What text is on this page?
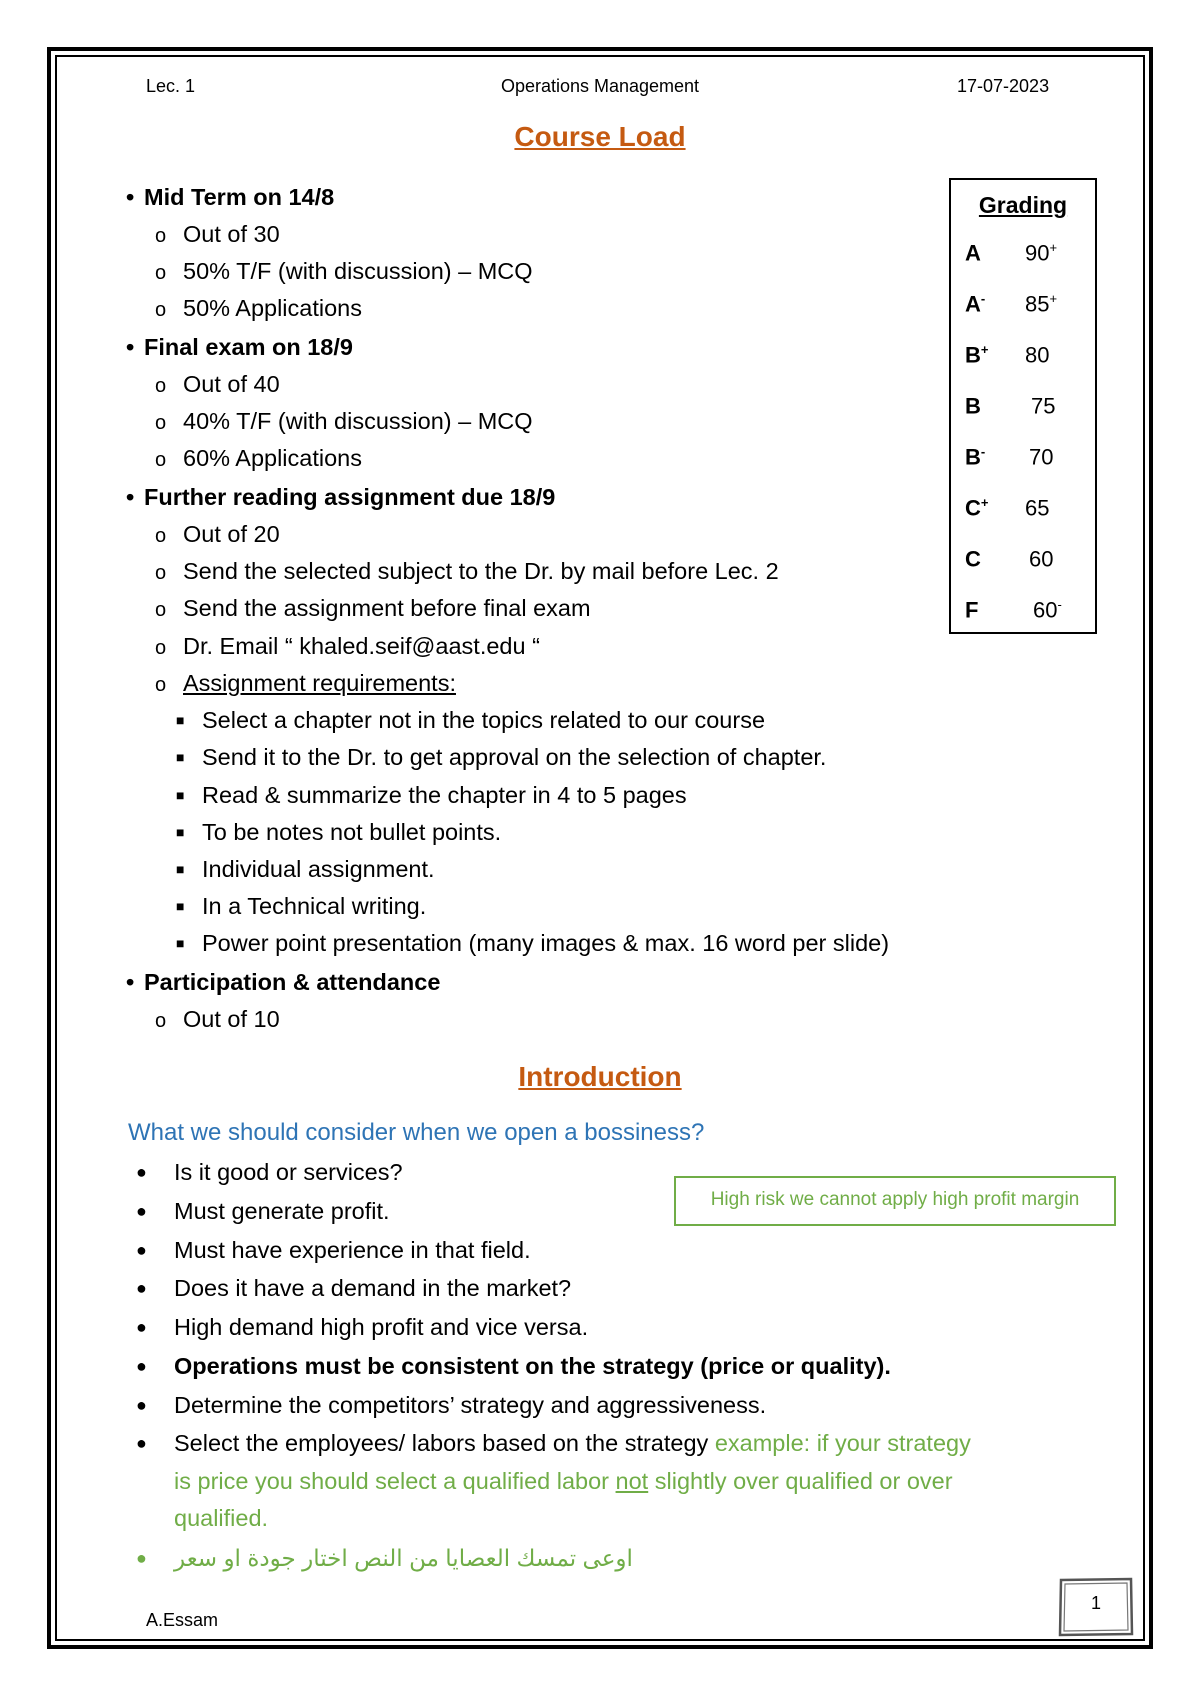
Lec. 1	Operations Management	17-07-2023
Course Load
• Mid Term on 14/8
o Out of 30
o 50% T/F (with discussion) – MCQ
o 50% Applications
• Final exam on 18/9
o Out of 40
o 40% T/F (with discussion) – MCQ
o 60% Applications
• Further reading assignment due 18/9
o Out of 20
o Send the selected subject to the Dr. by mail before Lec. 2
o Send the assignment before final exam
o Dr. Email “ khaled.seif@aast.edu “
o Assignment requirements:
■ Select a chapter not in the topics related to our course
■ Send it to the Dr. to get approval on the selection of chapter.
■ Read & summarize the chapter in 4 to 5 pages
■ To be notes not bullet points.
■ Individual assignment.
■ In a Technical writing.
■ Power point presentation (many images & max. 16 word per slide)
• Participation & attendance
o Out of 10
Grading
A 90+
A- 85+
B+ 80
B 75
B- 70
C+ 65
C 60
F 60-
Introduction
What we should consider when we open a bossiness?
High risk we cannot apply high profit margin
● Is it good or services?
● Must generate profit.
● Must have experience in that field.
● Does it have a demand in the market?
● High demand high profit and vice versa.
● Operations must be consistent on the strategy (price or quality).
● Determine the competitors’ strategy and aggressiveness.
● Select the employees/ labors based on the strategy example: if your strategy
is price you should select a qualified labor not slightly over qualified or over
qualified.
● اوعى تمسك العصايا من النص اختار جودة او سعر
A.Essam
1
